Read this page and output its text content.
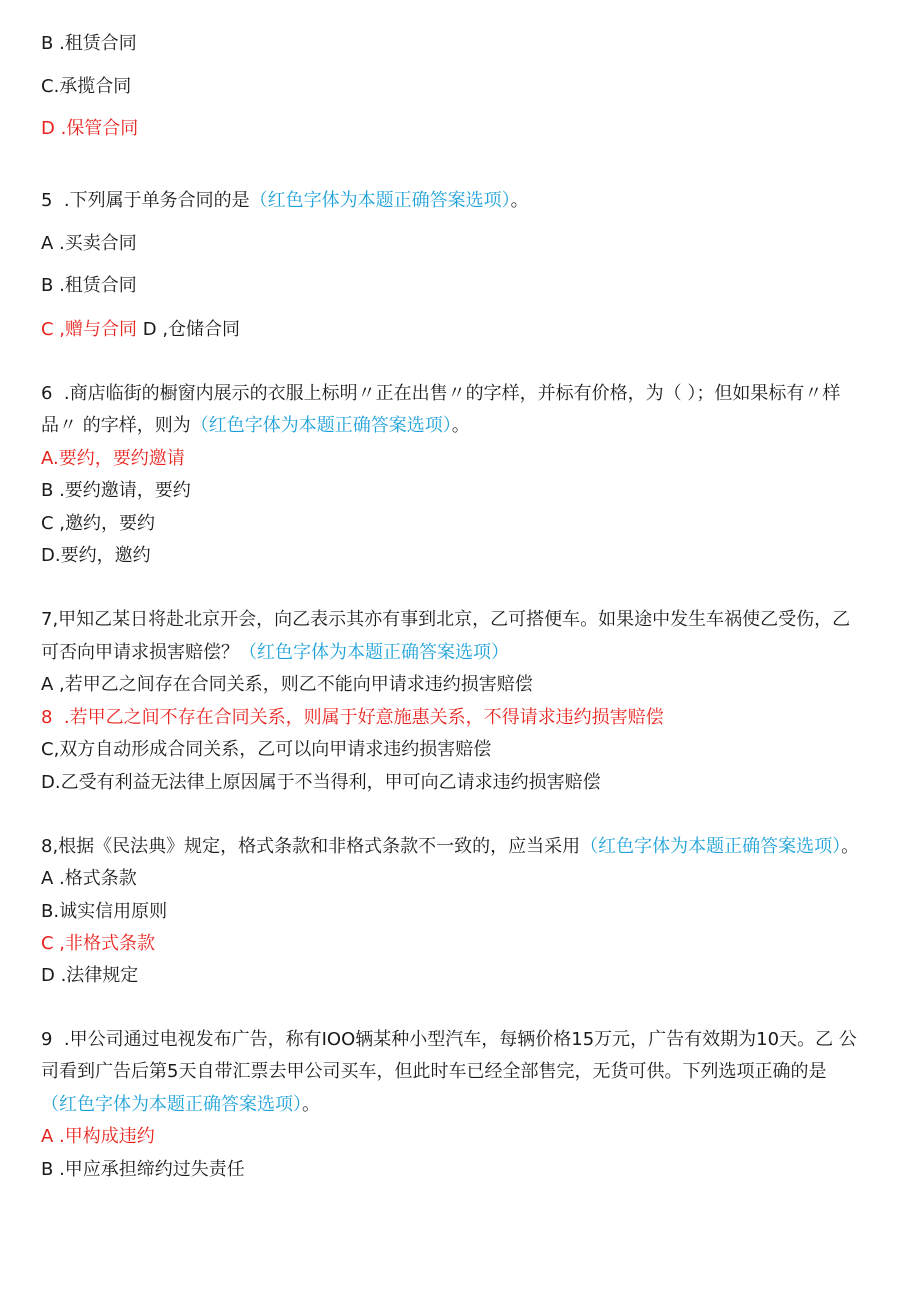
B .租赁合同
C.承揽合同
D .保管合同
5  .下列属于单务合同的是（红色字体为本题正确答案选项）。
A .买卖合同
B .租赁合同
C ,赠与合同 D ,仓储合同
6  .商店临街的橱窗内展示的衣服上标明〃正在出售〃的字样，并标有价格，为（ ）；但如果标有〃样
品〃 的字样，则为（红色字体为本题正确答案选项）。
A.要约，要约邀请
B .要约邀请，要约
C ,邀约，要约
D.要约，邀约
7,甲知乙某日将赴北京开会，向乙表示其亦有事到北京，乙可搭便车。如果途中发生车祸使乙受伤，乙
可否向甲请求损害赔偿？（红色字体为本题正确答案选项）
A ,若甲乙之间存在合同关系，则乙不能向甲请求违约损害赔偿
8  .若甲乙之间不存在合同关系，则属于好意施惠关系，不得请求违约损害赔偿
C,双方自动形成合同关系，乙可以向甲请求违约损害赔偿
D.乙受有利益无法律上原因属于不当得利，甲可向乙请求违约损害赔偿
8,根据《民法典》规定，格式条款和非格式条款不一致的，应当采用（红色字体为本题正确答案选项）。
A .格式条款
B.诚实信用原则
C ,非格式条款
D .法律规定
9  .甲公司通过电视发布广告，称有IOO辆某种小型汽车，每辆价格15万元，广告有效期为10天。乙 公
司看到广告后第5天自带汇票去甲公司买车，但此时车已经全部售完，无货可供。下列选项正确的是
（红色字体为本题正确答案选项）。
A .甲构成违约
B .甲应承担缔约过失责任
